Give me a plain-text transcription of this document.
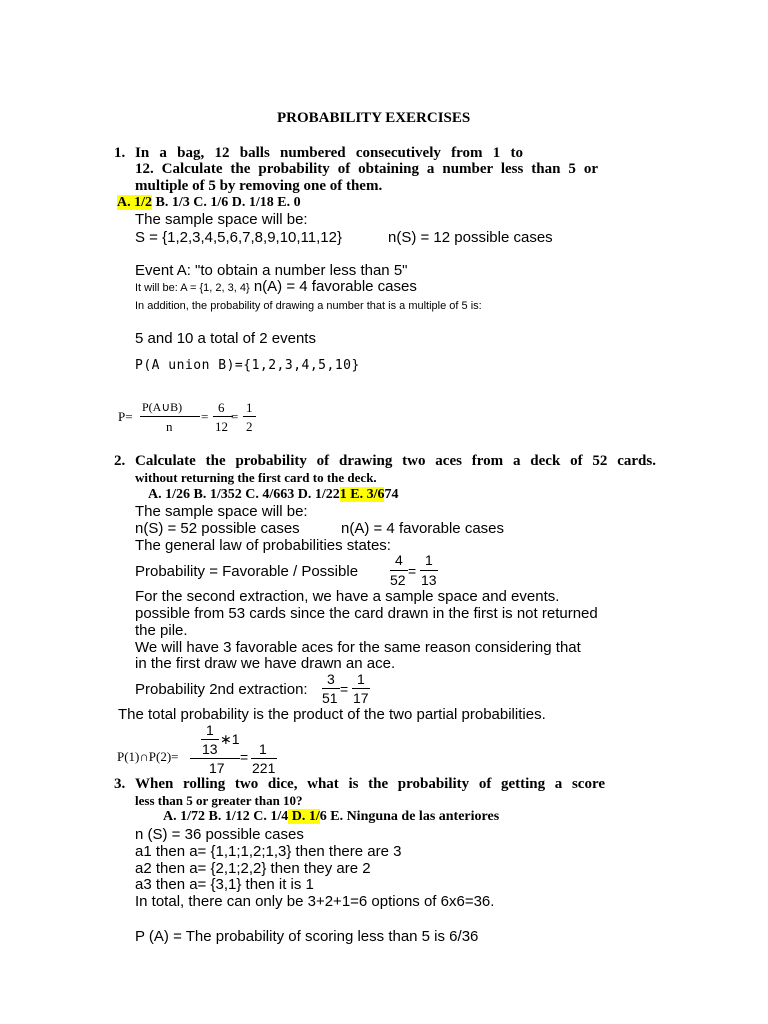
PROBABILITY EXERCISES
1. In a bag, 12 balls numbered consecutively from 1 to
12. Calculate the probability of obtaining a number less than 5 or
multiple of 5 by removing one of them.
A. 1/2 B. 1/3 C. 1/6 D. 1/18 E. 0
The sample space will be:
S = {1,2,3,4,5,6,7,8,9,10,11,12}	n(S) = 12 possible cases
Event A: "to obtain a number less than 5"
It will be: A = {1, 2, 3, 4} n(A) = 4 favorable cases
In addition, the probability of drawing a number that is a multiple of 5 is:
5 and 10 a total of 2 events
P(A union B)={1,2,3,4,5,10}
P=
P(A∪B)
n
=
6
12
=
1
2
2. Calculate the probability of drawing two aces from a deck of 52 cards.
without returning the first card to the deck.
A. 1/26 B. 1/352 C. 4/663 D. 1/221 E. 3/674
The sample space will be:
n(S) = 52 possible cases	n(A) = 4 favorable cases
The general law of probabilities states:
Probability = Favorable / Possible
4
52
=
1
13
For the second extraction, we have a sample space and events.
possible from 53 cards since the card drawn in the first is not returned
the pile.
We will have 3 favorable aces for the same reason considering that
in the first draw we have drawn an ace.
Probability 2nd extraction:
3
51
=
1
17
The total probability is the product of the two partial probabilities.
P(1)∩P(2)=
1
13
∗1
17
= 1
221
3. When rolling two dice, what is the probability of getting a score
less than 5 or greater than 10?
A. 1/72 B. 1/12 C. 1/4 D. 1/6 E. Ninguna de las anteriores
n (S) = 36 possible cases
a1 then a= {1,1;1,2;1,3} then there are 3
a2 then a= {2,1;2,2} then they are 2
a3 then a= {3,1} then it is 1
In total, there can only be 3+2+1=6 options of 6x6=36.
P (A) = The probability of scoring less than 5 is 6/36
